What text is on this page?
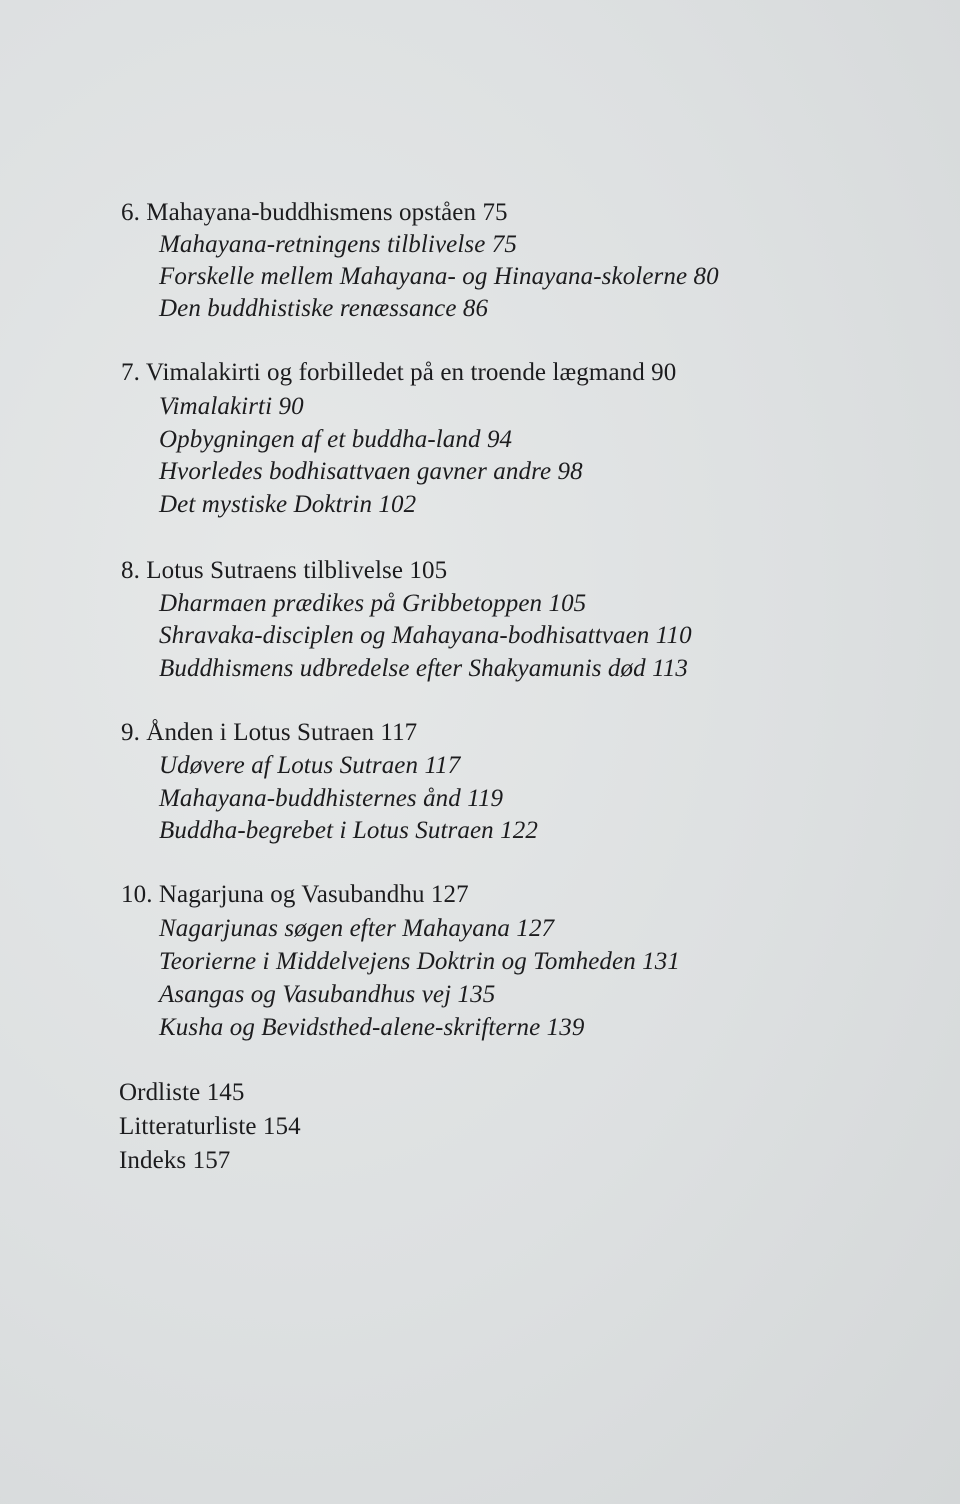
6. Mahayana-buddhismens opståen 75
Mahayana-retningens tilblivelse 75
Forskelle mellem Mahayana- og Hinayana-skolerne 80
Den buddhistiske renæssance 86
7. Vimalakirti og forbilledet på en troende lægmand 90
Vimalakirti 90
Opbygningen af et buddha-land 94
Hvorledes bodhisattvaen gavner andre 98
Det mystiske Doktrin 102
8. Lotus Sutraens tilblivelse 105
Dharmaen prædikes på Gribbetoppen 105
Shravaka-disciplen og Mahayana-bodhisattvaen 110
Buddhismens udbredelse efter Shakyamunis død 113
9. Ånden i Lotus Sutraen 117
Udøvere af Lotus Sutraen 117
Mahayana-buddhisternes ånd 119
Buddha-begrebet i Lotus Sutraen 122
10. Nagarjuna og Vasubandhu 127
Nagarjunas søgen efter Mahayana 127
Teorierne i Middelvejens Doktrin og Tomheden 131
Asangas og Vasubandhus vej 135
Kusha og Bevidsthed-alene-skrifterne 139
Ordliste 145
Litteraturliste 154
Indeks 157
